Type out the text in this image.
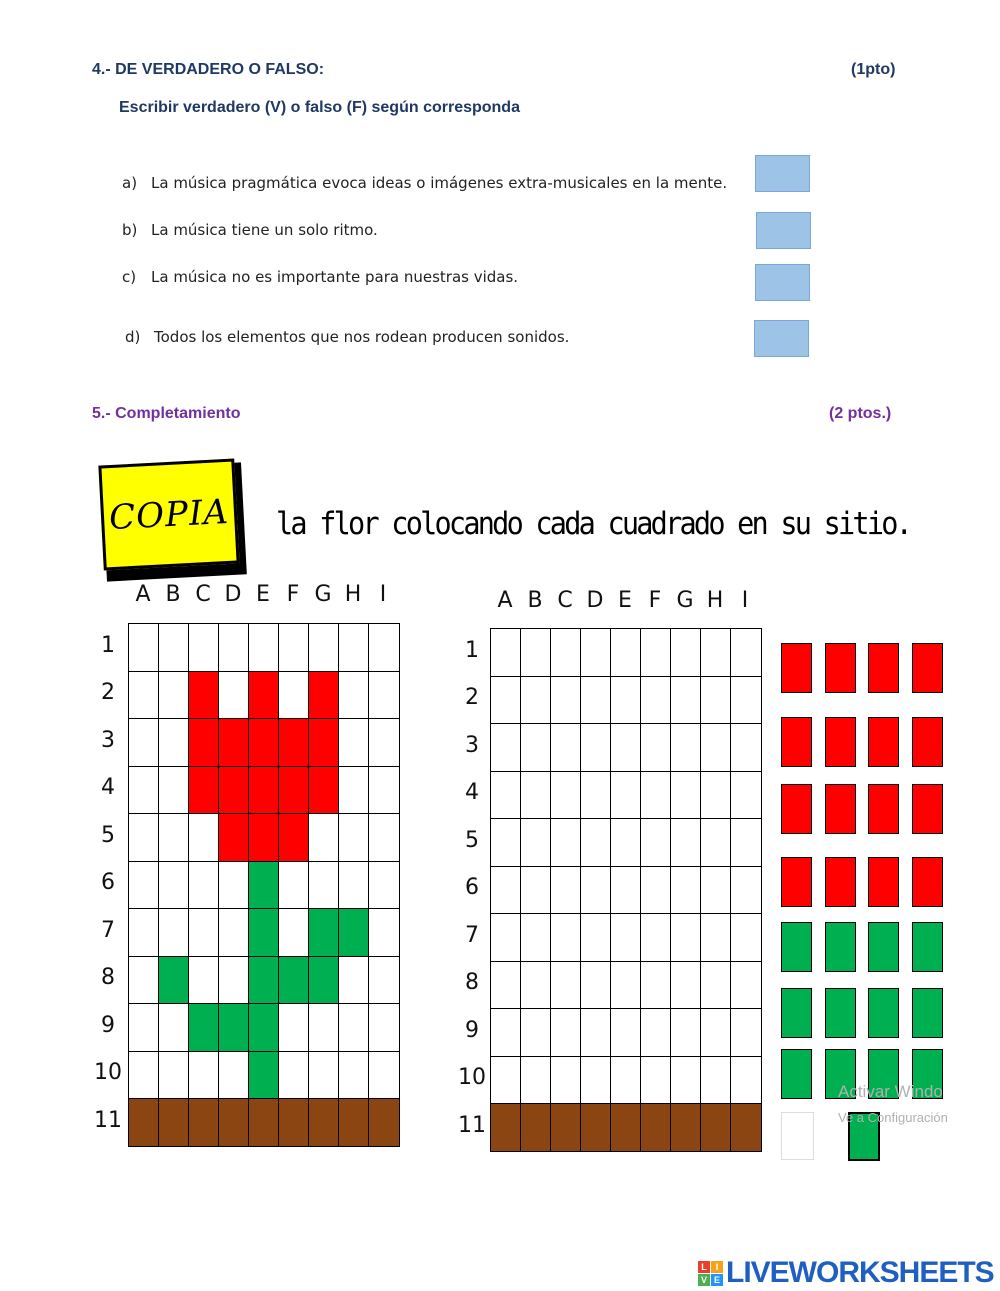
4.- DE VERDADERO O FALSO:	(1pto)
Escribir verdadero (V) o falso (F) según corresponda
a) La música pragmática evoca ideas o imágenes extra-musicales en la mente.
b) La música tiene un solo ritmo.
c) La música no es importante para nuestras vidas.
d) Todos los elementos que nos rodean producen sonidos.
5.- Completamiento	(2 ptos.)
COPIA la flor colocando cada cuadrado en su sitio.
A B C D E F G H I
1
2
3
4
5
6
7
8
9
10
11
A B C D E F G H I
1
2
3
4
5
6
7
8
9
10
11
Activar Windo
Ve a Configuración
L I
V E LIVEWORKSHEETS
